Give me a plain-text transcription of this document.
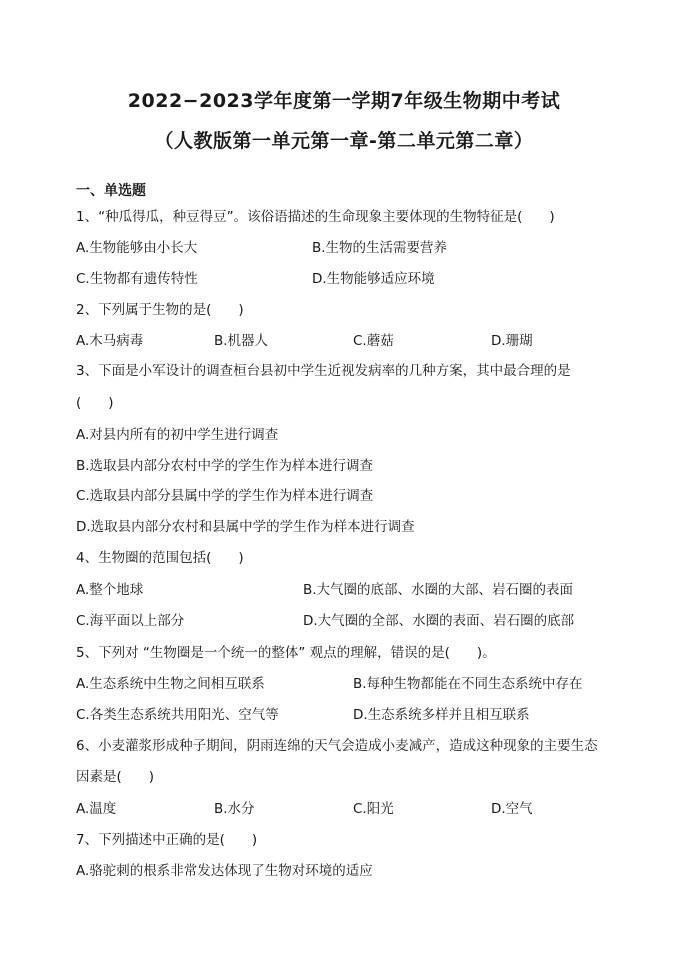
2022−2023学年度第一学期7年级生物期中考试
（人教版第一单元第一章-第二单元第二章）
一、单选题
1、“种瓜得瓜，种豆得豆”。该俗语描述的生命现象主要体现的生物特征是(　　)
A.生物能够由小长大	B.生物的生活需要营养
C.生物都有遗传特性	D.生物能够适应环境
2、下列属于生物的是(　　)
A.木马病毒	B.机器人	C.蘑菇	D.珊瑚
3、下面是小军设计的调查桓台县初中学生近视发病率的几种方案，其中最合理的是
(　　)
A.对县内所有的初中学生进行调查
B.选取县内部分农村中学的学生作为样本进行调查
C.选取县内部分县属中学的学生作为样本进行调查
D.选取县内部分农村和县属中学的学生作为样本进行调查
4、生物圈的范围包括(　　)
A.整个地球	B.大气圈的底部、水圈的大部、岩石圈的表面
C.海平面以上部分	D.大气圈的全部、水圈的表面、岩石圈的底部
5、下列对 “生物圈是一个统一的整体” 观点的理解，错误的是(　　)。
A.生态系统中生物之间相互联系	B.每种生物都能在不同生态系统中存在
C.各类生态系统共用阳光、空气等	D.生态系统多样并且相互联系
6、小麦灌浆形成种子期间，阴雨连绵的天气会造成小麦减产，造成这种现象的主要生态
因素是(　　)
A.温度	B.水分	C.阳光	D.空气
7、下列描述中正确的是(　　)
A.骆驼刺的根系非常发达体现了生物对环境的适应
